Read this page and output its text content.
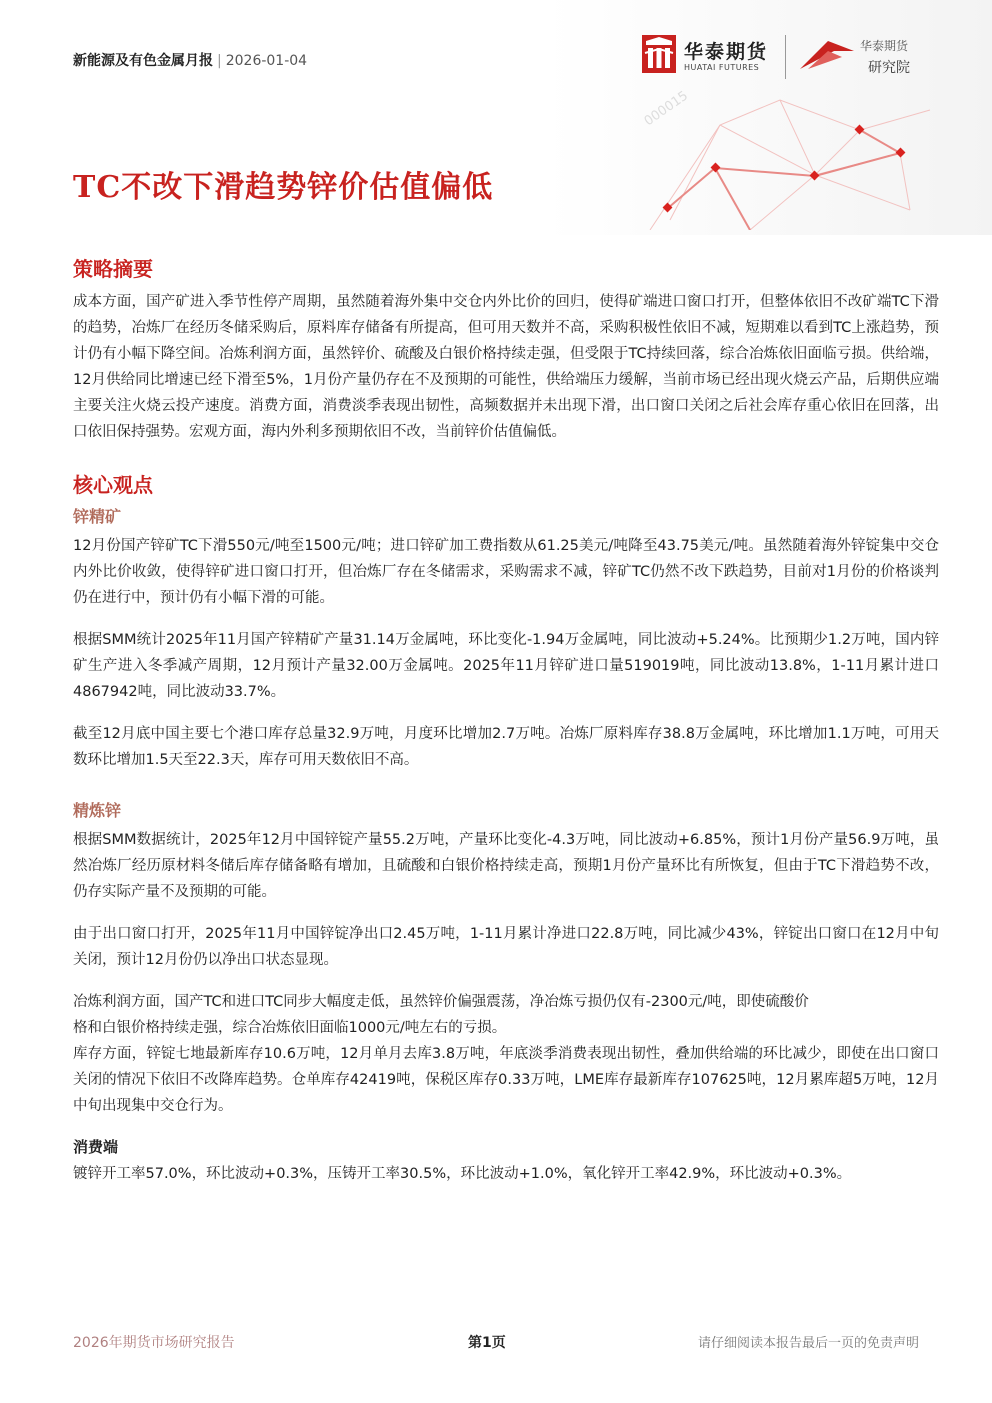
新能源及有色金属月报 | 2026-01-04	华泰期货
HUATAI FUTURES
华泰期货
研究院
000015
TC不改下滑趋势锌价估值偏低
策略摘要

成本方面，国产矿进入季节性停产周期，虽然随着海外集中交仓内外比价的回归，使得矿端进口窗口打开，但整体依旧不改矿端TC下滑的趋势，冶炼厂在经历冬储采购后，原料库存储备有所提高，但可用天数并不高，采购积极性依旧不减，短期难以看到TC上涨趋势，预计仍有小幅下降空间。冶炼利润方面，虽然锌价、硫酸及白银价格持续走强，但受限于TC持续回落，综合冶炼依旧面临亏损。供给端，12月供给同比增速已经下滑至5%，1月份产量仍存在不及预期的可能性，供给端压力缓解，当前市场已经出现火烧云产品，后期供应端主要关注火烧云投产速度。消费方面，消费淡季表现出韧性，高频数据并未出现下滑，出口窗口关闭之后社会库存重心依旧在回落，出口依旧保持强势。宏观方面，海内外利多预期依旧不改，当前锌价估值偏低。

核心观点
锌精矿

12月份国产锌矿TC下滑550元/吨至1500元/吨；进口锌矿加工费指数从61.25美元/吨降至43.75美元/吨。虽然随着海外锌锭集中交仓内外比价收敛，使得锌矿进口窗口打开，但冶炼厂存在冬储需求，采购需求不减，锌矿TC仍然不改下跌趋势，目前对1月份的价格谈判仍在进行中，预计仍有小幅下滑的可能。

根据SMM统计2025年11月国产锌精矿产量31.14万金属吨，环比变化-1.94万金属吨，同比波动+5.24%。比预期少1.2万吨，国内锌矿生产进入冬季减产周期，12月预计产量32.00万金属吨。2025年11月锌矿进口量519019吨，同比波动13.8%，1-11月累计进口4867942吨，同比波动33.7%。

截至12月底中国主要七个港口库存总量32.9万吨，月度环比增加2.7万吨。冶炼厂原料库存38.8万金属吨，环比增加1.1万吨，可用天数环比增加1.5天至22.3天，库存可用天数依旧不高。

精炼锌

根据SMM数据统计，2025年12月中国锌锭产量55.2万吨，产量环比变化-4.3万吨，同比波动+6.85%，预计1月份产量56.9万吨，虽然冶炼厂经历原材料冬储后库存储备略有增加，且硫酸和白银价格持续走高，预期1月份产量环比有所恢复，但由于TC下滑趋势不改，仍存实际产量不及预期的可能。

由于出口窗口打开，2025年11月中国锌锭净出口2.45万吨，1-11月累计净进口22.8万吨，同比减少43%，锌锭出口窗口在12月中旬关闭，预计12月份仍以净出口状态显现。

冶炼利润方面，国产TC和进口TC同步大幅度走低，虽然锌价偏强震荡，净冶炼亏损仍仅有-2300元/吨，即使硫酸价

格和白银价格持续走强，综合冶炼依旧面临1000元/吨左右的亏损。

库存方面，锌锭七地最新库存10.6万吨，12月单月去库3.8万吨，年底淡季消费表现出韧性，叠加供给端的环比减少，即使在出口窗口关闭的情况下依旧不改降库趋势。仓单库存42419吨，保税区库存0.33万吨，LME库存最新库存107625吨，12月累库超5万吨，12月中旬出现集中交仓行为。

消费端

镀锌开工率57.0%，环比波动+0.3%，压铸开工率30.5%，环比波动+1.0%，氧化锌开工率42.9%，环比波动+0.3%。

2026年期货市场研究报告	第1页	请仔细阅读本报告最后一页的免责声明
